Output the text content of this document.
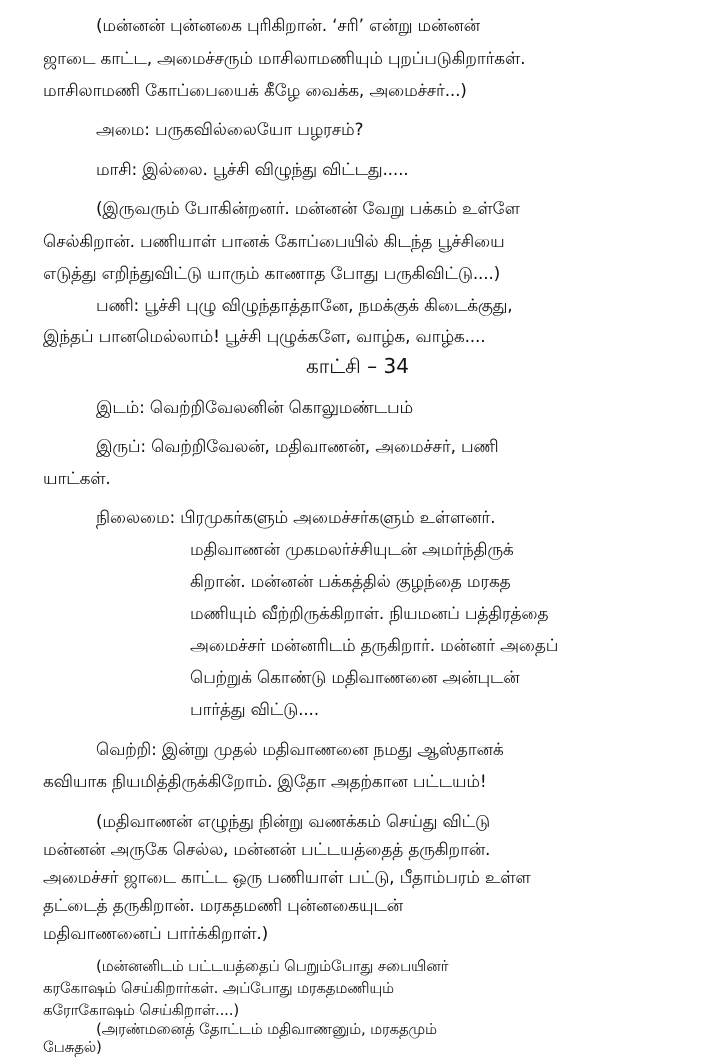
(மன்னன் புன்னகை புரிகிறான். ‘சரி’ என்று மன்னன்
ஜாடை காட்ட, அமைச்சரும் மாசிலாமணியும் புறப்படுகிறார்கள்.
மாசிலாமணி கோப்பையைக் கீழே வைக்க, அமைச்சர்...)
அமை: பருகவில்லையோ பழரசம்?
மாசி: இல்லை. பூச்சி விழுந்து விட்டது.....
(இருவரும் போகின்றனர். மன்னன் வேறு பக்கம் உள்ளே
செல்கிறான். பணியாள் பானக் கோப்பையில் கிடந்த பூச்சியை
எடுத்து எறிந்துவிட்டு யாரும் காணாத போது பருகிவிட்டு....)
பணி: பூச்சி புழு விழுந்தாத்தானே, நமக்குக் கிடைக்குது,
இந்தப் பானமெல்லாம்! பூச்சி புழுக்களே, வாழ்க, வாழ்க....
காட்சி – 34
இடம்: வெற்றிவேலனின் கொலுமண்டபம்
இருப்: வெற்றிவேலன், மதிவாணன், அமைச்சர், பணி
யாட்கள்.
நிலைமை: பிரமுகர்களும் அமைச்சர்களும் உள்ளனர்.
மதிவாணன் முகமலர்ச்சியுடன் அமர்ந்திருக்
கிறான். மன்னன் பக்கத்தில் குழந்தை மரகத
மணியும் வீற்றிருக்கிறாள். நியமனப் பத்திரத்தை
அமைச்சர் மன்னரிடம் தருகிறார். மன்னர் அதைப்
பெற்றுக் கொண்டு மதிவாணனை அன்புடன்
பார்த்து விட்டு....
வெற்றி: இன்று முதல் மதிவாணனை நமது ஆஸ்தானக்
கவியாக நியமித்திருக்கிறோம். இதோ அதற்கான பட்டயம்!
(மதிவாணன் எழுந்து நின்று வணக்கம் செய்து விட்டு
மன்னன் அருகே செல்ல, மன்னன் பட்டயத்தைத் தருகிறான்.
அமைச்சர் ஜாடை காட்ட ஒரு பணியாள் பட்டு, பீதாம்பரம் உள்ள
தட்டைத் தருகிறான். மரகதமணி புன்னகையுடன்
மதிவாணனைப் பார்க்கிறாள்.)
(மன்னனிடம் பட்டயத்தைப் பெறும்போது சபையினர்
கரகோஷம் செய்கிறார்கள். அப்போது மரகதமணியும்
கரோகோஷம் செய்கிறாள்....)
(அரண்மனைத் தோட்டம் மதிவாணனும், மரகதமும்
பேசுதல்)
